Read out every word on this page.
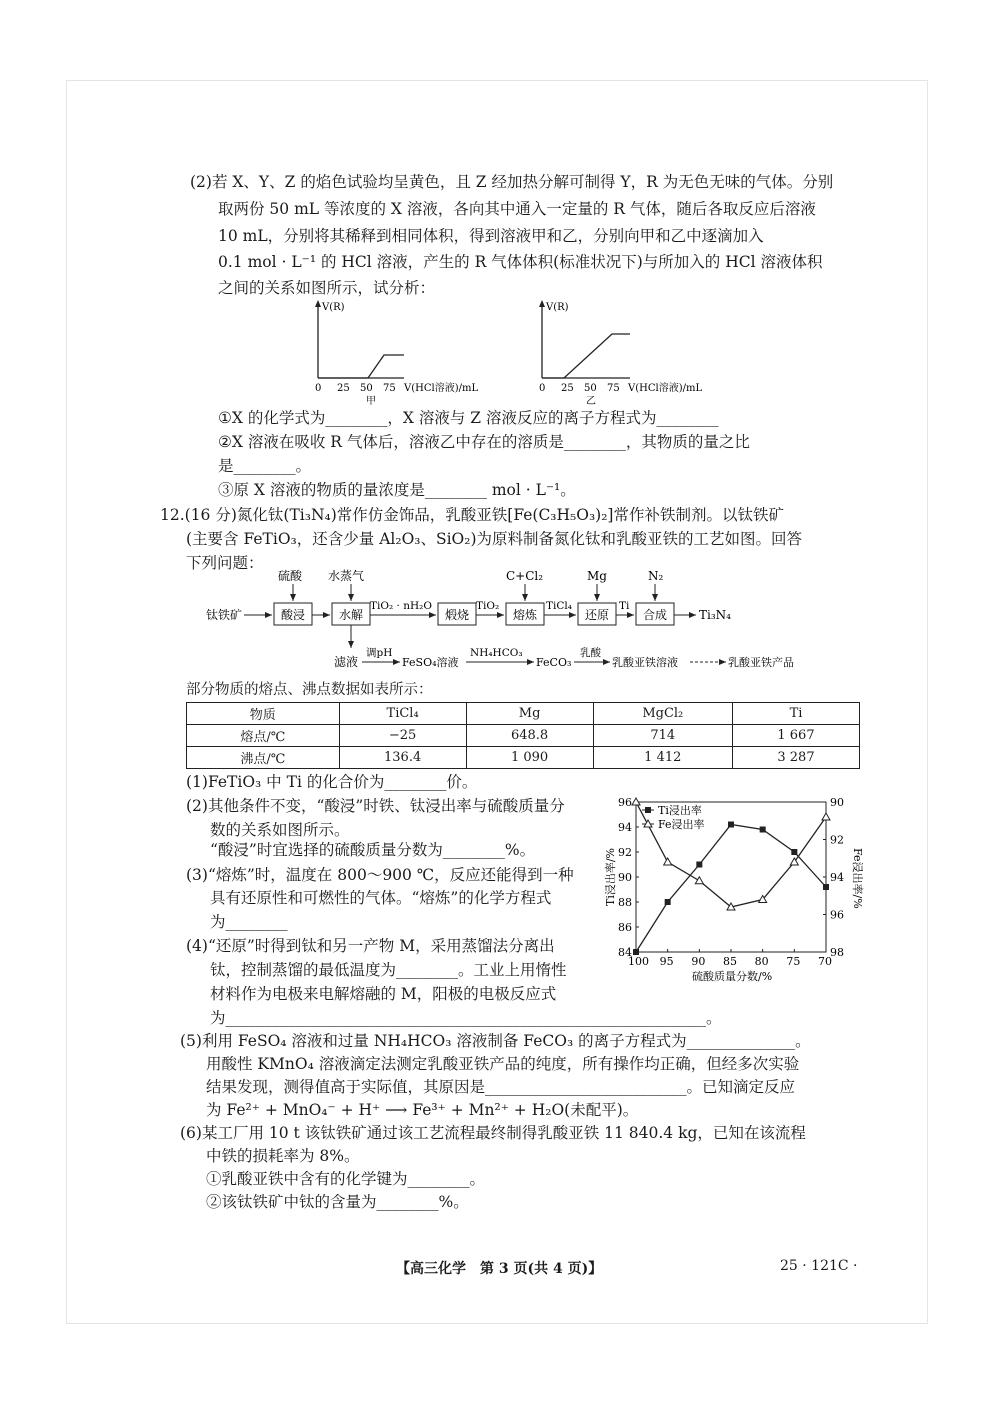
(2)若 X、Y、Z 的焰色试验均呈黄色，且 Z 经加热分解可制得 Y，R 为无色无味的气体。分别
取两份 50 mL 等浓度的 X 溶液，各向其中通入一定量的 R 气体，随后各取反应后溶液
10 mL，分别将其稀释到相同体积，得到溶液甲和乙，分别向甲和乙中逐滴加入
0.1 mol · L⁻¹ 的 HCl 溶液，产生的 R 气体体积(标准状况下)与所加入的 HCl 溶液体积
之间的关系如图所示，试分析：
V(R)
0 25 50 75 V(HCl溶液)/mL
甲
V(R)
0 25 50 75 V(HCl溶液)/mL
乙
①X 的化学式为________，X 溶液与 Z 溶液反应的离子方程式为________
②X 溶液在吸收 R 气体后，溶液乙中存在的溶质是________，其物质的量之比
是________。
③原 X 溶液的物质的量浓度是________ mol · L⁻¹。
12.(16 分)氮化钛(Ti₃N₄)常作仿金饰品，乳酸亚铁[Fe(C₃H₅O₃)₂]常作补铁制剂。以钛铁矿
(主要含 FeTiO₃，还含少量 Al₂O₃、SiO₂)为原料制备氮化钛和乳酸亚铁的工艺如图。回答
下列问题：
钛铁矿	酸浸
硫酸
水解
水蒸气
TiO₂ · nH₂O
煅烧
TiO₂
熔炼
C+Cl₂
TiCl₄
还原
Mg
Ti
合成
N₂
Ti₃N₄
滤液
调pH
FeSO₄溶液
NH₄HCO₃
FeCO₃
乳酸
乳酸亚铁溶液	乳酸亚铁产品
部分物质的熔点、沸点数据如表所示：
物质	TiCl₄	Mg	MgCl₂	Ti
熔点/℃	−25	648.8	714	1 667
沸点/℃	136.4	1 090	1 412	3 287
(1)FeTiO₃ 中 Ti 的化合价为________价。
(2)其他条件不变，“酸浸”时铁、钛浸出率与硫酸质量分
数的关系如图所示。
“酸浸”时宜选择的硫酸质量分数为________%。
(3)“熔炼”时，温度在 800～900 ℃，反应还能得到一种
具有还原性和可燃性的气体。“熔炼”的化学方程式
为________
(4)“还原”时得到钛和另一产物 M，采用蒸馏法分离出
钛，控制蒸馏的最低温度为________。工业上用惰性
材料作为电极来电解熔融的 M，阳极的电极反应式
为______________________________________________________________。
100 95 90 85 80 75 70
84
86
88
90
92
94
96
98
96
94
92
90
Ti浸出率
Fe浸出率
硫酸质量分数/%
Ti浸出率/%	Fe浸出率/%
(5)利用 FeSO₄ 溶液和过量 NH₄HCO₃ 溶液制备 FeCO₃ 的离子方程式为______________。
用酸性 KMnO₄ 溶液滴定法测定乳酸亚铁产品的纯度，所有操作均正确，但经多次实验
结果发现，测得值高于实际值，其原因是__________________________。已知滴定反应
为 Fe²⁺ + MnO₄⁻ + H⁺ ⟶ Fe³⁺ + Mn²⁺ + H₂O(未配平)。
(6)某工厂用 10 t 该钛铁矿通过该工艺流程最终制得乳酸亚铁 11 840.4 kg，已知在该流程
中铁的损耗率为 8%。
①乳酸亚铁中含有的化学键为________。
②该钛铁矿中钛的含量为________%。
【高三化学　第 3 页(共 4 页)】	25 · 121C ·
